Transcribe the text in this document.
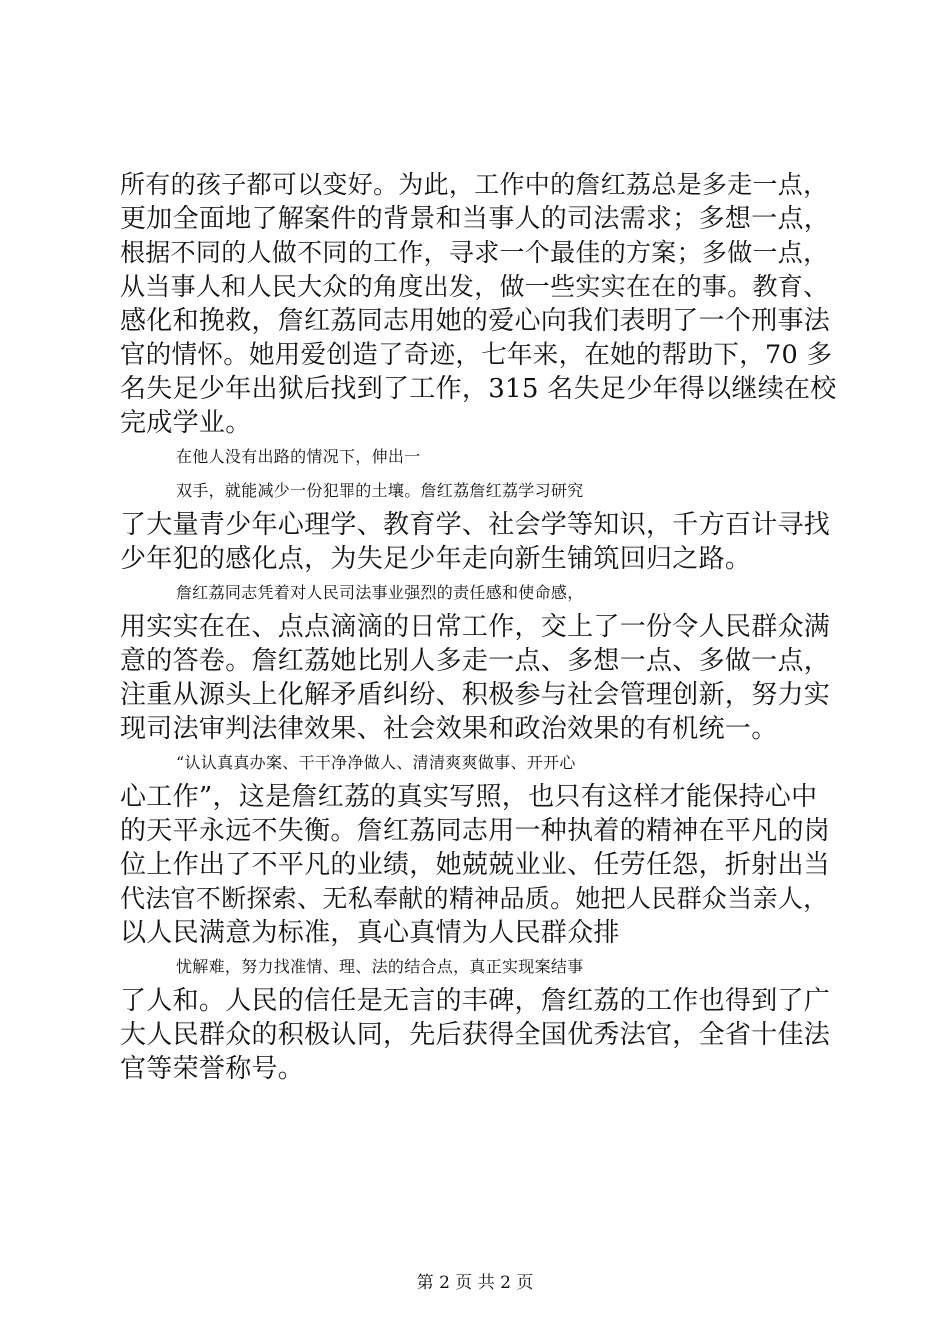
所有的孩子都可以变好。为此，工作中的詹红荔总是多走一点，
更加全面地了解案件的背景和当事人的司法需求；多想一点，
根据不同的人做不同的工作，寻求一个最佳的方案；多做一点，
从当事人和人民大众的角度出发，做一些实实在在的事。教育、
感化和挽救，詹红荔同志用她的爱心向我们表明了一个刑事法
官的情怀。她用爱创造了奇迹，七年来，在她的帮助下，70 多
名失足少年出狱后找到了工作，315 名失足少年得以继续在校
完成学业。
在他人没有出路的情况下，伸出一
双手，就能减少一份犯罪的土壤。詹红荔詹红荔学习研究
了大量青少年心理学、教育学、社会学等知识，千方百计寻找
少年犯的感化点，为失足少年走向新生铺筑回归之路。
詹红荔同志凭着对人民司法事业强烈的责任感和使命感，
用实实在在、点点滴滴的日常工作，交上了一份令人民群众满
意的答卷。詹红荔她比别人多走一点、多想一点、多做一点，
注重从源头上化解矛盾纠纷、积极参与社会管理创新，努力实
现司法审判法律效果、社会效果和政治效果的有机统一。
“认认真真办案、干干净净做人、清清爽爽做事、开开心
心工作”，这是詹红荔的真实写照，也只有这样才能保持心中
的天平永远不失衡。詹红荔同志用一种执着的精神在平凡的岗
位上作出了不平凡的业绩，她兢兢业业、任劳任怨，折射出当
代法官不断探索、无私奉献的精神品质。她把人民群众当亲人，
以人民满意为标准，真心真情为人民群众排
忧解难，努力找准情、理、法的结合点，真正实现案结事
了人和。人民的信任是无言的丰碑，詹红荔的工作也得到了广
大人民群众的积极认同，先后获得全国优秀法官，全省十佳法
官等荣誉称号。
第 2 页 共 2 页
